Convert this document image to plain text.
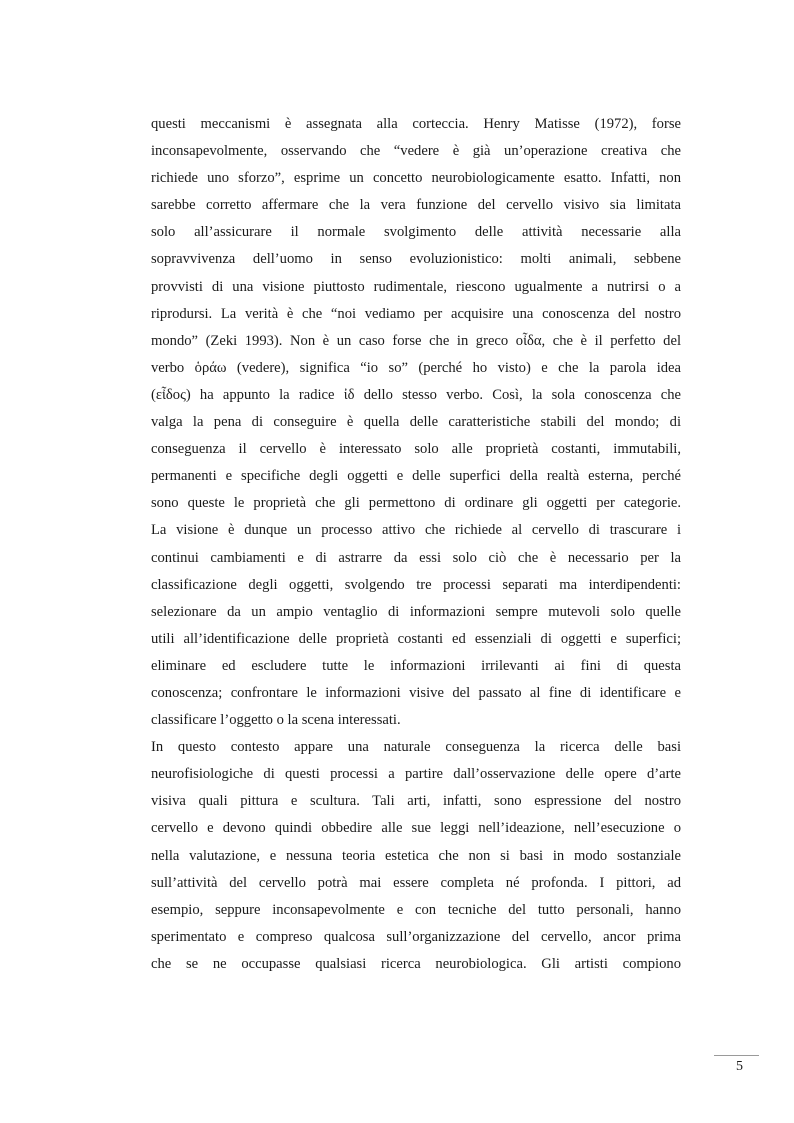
questi meccanismi è assegnata alla corteccia. Henry Matisse (1972), forse
inconsapevolmente, osservando che “vedere è già un’operazione creativa che
richiede uno sforzo”, esprime un concetto neurobiologicamente esatto. Infatti, non
sarebbe corretto affermare che la vera funzione del cervello visivo sia limitata
solo all’assicurare il normale svolgimento delle attività necessarie alla
sopravvivenza dell’uomo in senso evoluzionistico: molti animali, sebbene
provvisti di una visione piuttosto rudimentale, riescono ugualmente a nutrirsi o a
riprodursi. La verità è che “noi vediamo per acquisire una conoscenza del nostro
mondo” (Zeki 1993). Non è un caso forse che in greco οἶδα, che è il perfetto del
verbo ὁράω (vedere), significa “io so” (perché ho visto) e che la parola idea
(εἶδος) ha appunto la radice ἰδ dello stesso verbo. Così, la sola conoscenza che
valga la pena di conseguire è quella delle caratteristiche stabili del mondo; di
conseguenza il cervello è interessato solo alle proprietà costanti, immutabili,
permanenti e specifiche degli oggetti e delle superfici della realtà esterna, perché
sono queste le proprietà che gli permettono di ordinare gli oggetti per categorie.
La visione è dunque un processo attivo che richiede al cervello di trascurare i
continui cambiamenti e di astrarre da essi solo ciò che è necessario per la
classificazione degli oggetti, svolgendo tre processi separati ma interdipendenti:
selezionare da un ampio ventaglio di informazioni sempre mutevoli solo quelle
utili all’identificazione delle proprietà costanti ed essenziali di oggetti e superfici;
eliminare ed escludere tutte le informazioni irrilevanti ai fini di questa
conoscenza; confrontare le informazioni visive del passato al fine di identificare e
classificare l’oggetto o la scena interessati.
In questo contesto appare una naturale conseguenza la ricerca delle basi
neurofisiologiche di questi processi a partire dall’osservazione delle opere d’arte
visiva quali pittura e scultura. Tali arti, infatti, sono espressione del nostro
cervello e devono quindi obbedire alle sue leggi nell’ideazione, nell’esecuzione o
nella valutazione, e nessuna teoria estetica che non si basi in modo sostanziale
sull’attività del cervello potrà mai essere completa né profonda. I pittori, ad
esempio, seppure inconsapevolmente e con tecniche del tutto personali, hanno
sperimentato e compreso qualcosa sull’organizzazione del cervello, ancor prima
che se ne occupasse qualsiasi ricerca neurobiologica. Gli artisti compiono
5
